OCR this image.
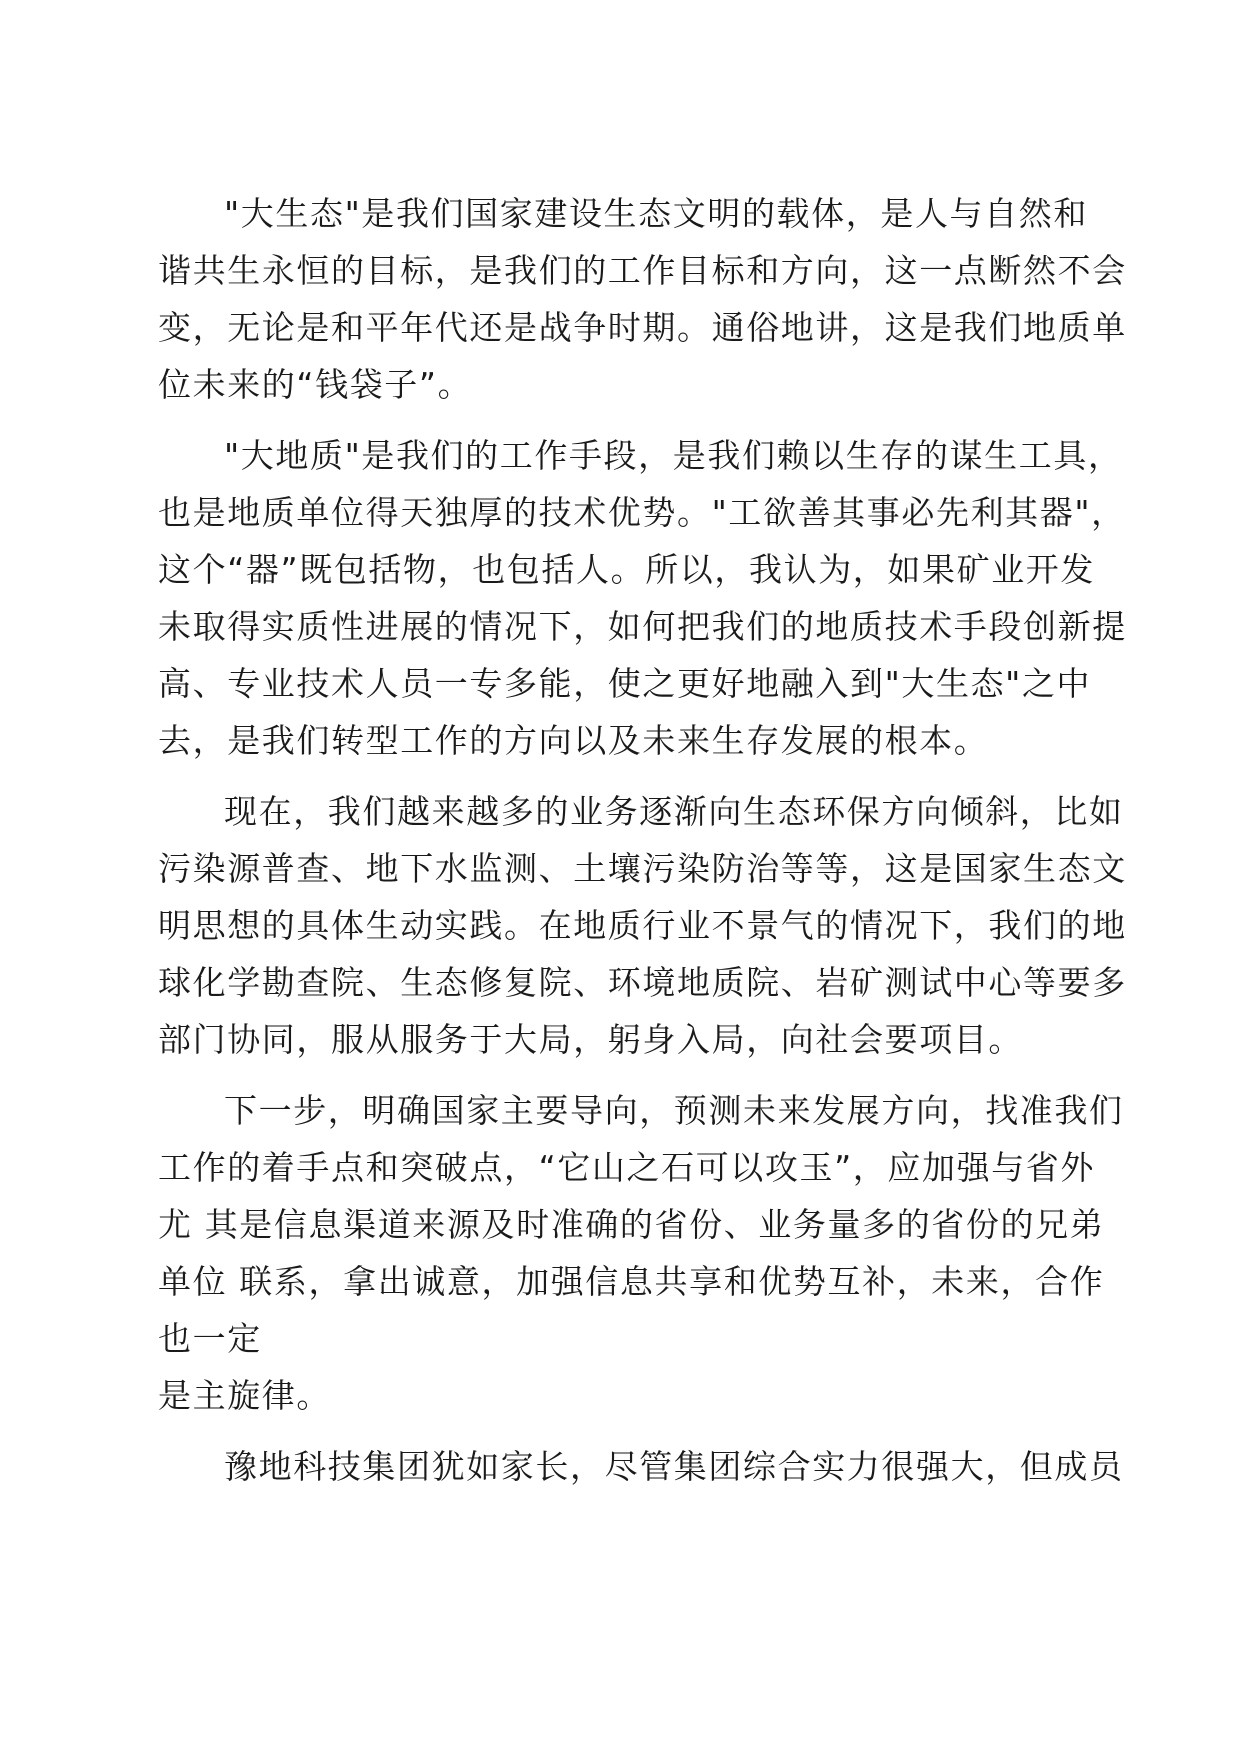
"大生态"是我们国家建设生态文明的载体，是人与自然和
谐共生永恒的目标，是我们的工作目标和方向，这一点断然不会
变，无论是和平年代还是战争时期。通俗地讲，这是我们地质单
位未来的“钱袋子”。
"大地质"是我们的工作手段，是我们赖以生存的谋生工具，
也是地质单位得天独厚的技术优势。"工欲善其事必先利其器"，
这个“器”既包括物，也包括人。所以，我认为，如果矿业开发
未取得实质性进展的情况下，如何把我们的地质技术手段创新提
高、专业技术人员一专多能，使之更好地融入到"大生态"之中
去，是我们转型工作的方向以及未来生存发展的根本。
现在，我们越来越多的业务逐渐向生态环保方向倾斜，比如
污染源普查、地下水监测、土壤污染防治等等，这是国家生态文
明思想的具体生动实践。在地质行业不景气的情况下，我们的地
球化学勘查院、生态修复院、环境地质院、岩矿测试中心等要多
部门协同，服从服务于大局，躬身入局，向社会要项目。
下一步，明确国家主要导向，预测未来发展方向，找准我们
工作的着手点和突破点，“它山之石可以攻玉”，应加强与省外
尤 其是信息渠道来源及时准确的省份、业务量多的省份的兄弟
单位 联系，拿出诚意，加强信息共享和优势互补，未来，合作
也一定
是主旋律。
豫地科技集团犹如家长，尽管集团综合实力很强大，但成员
